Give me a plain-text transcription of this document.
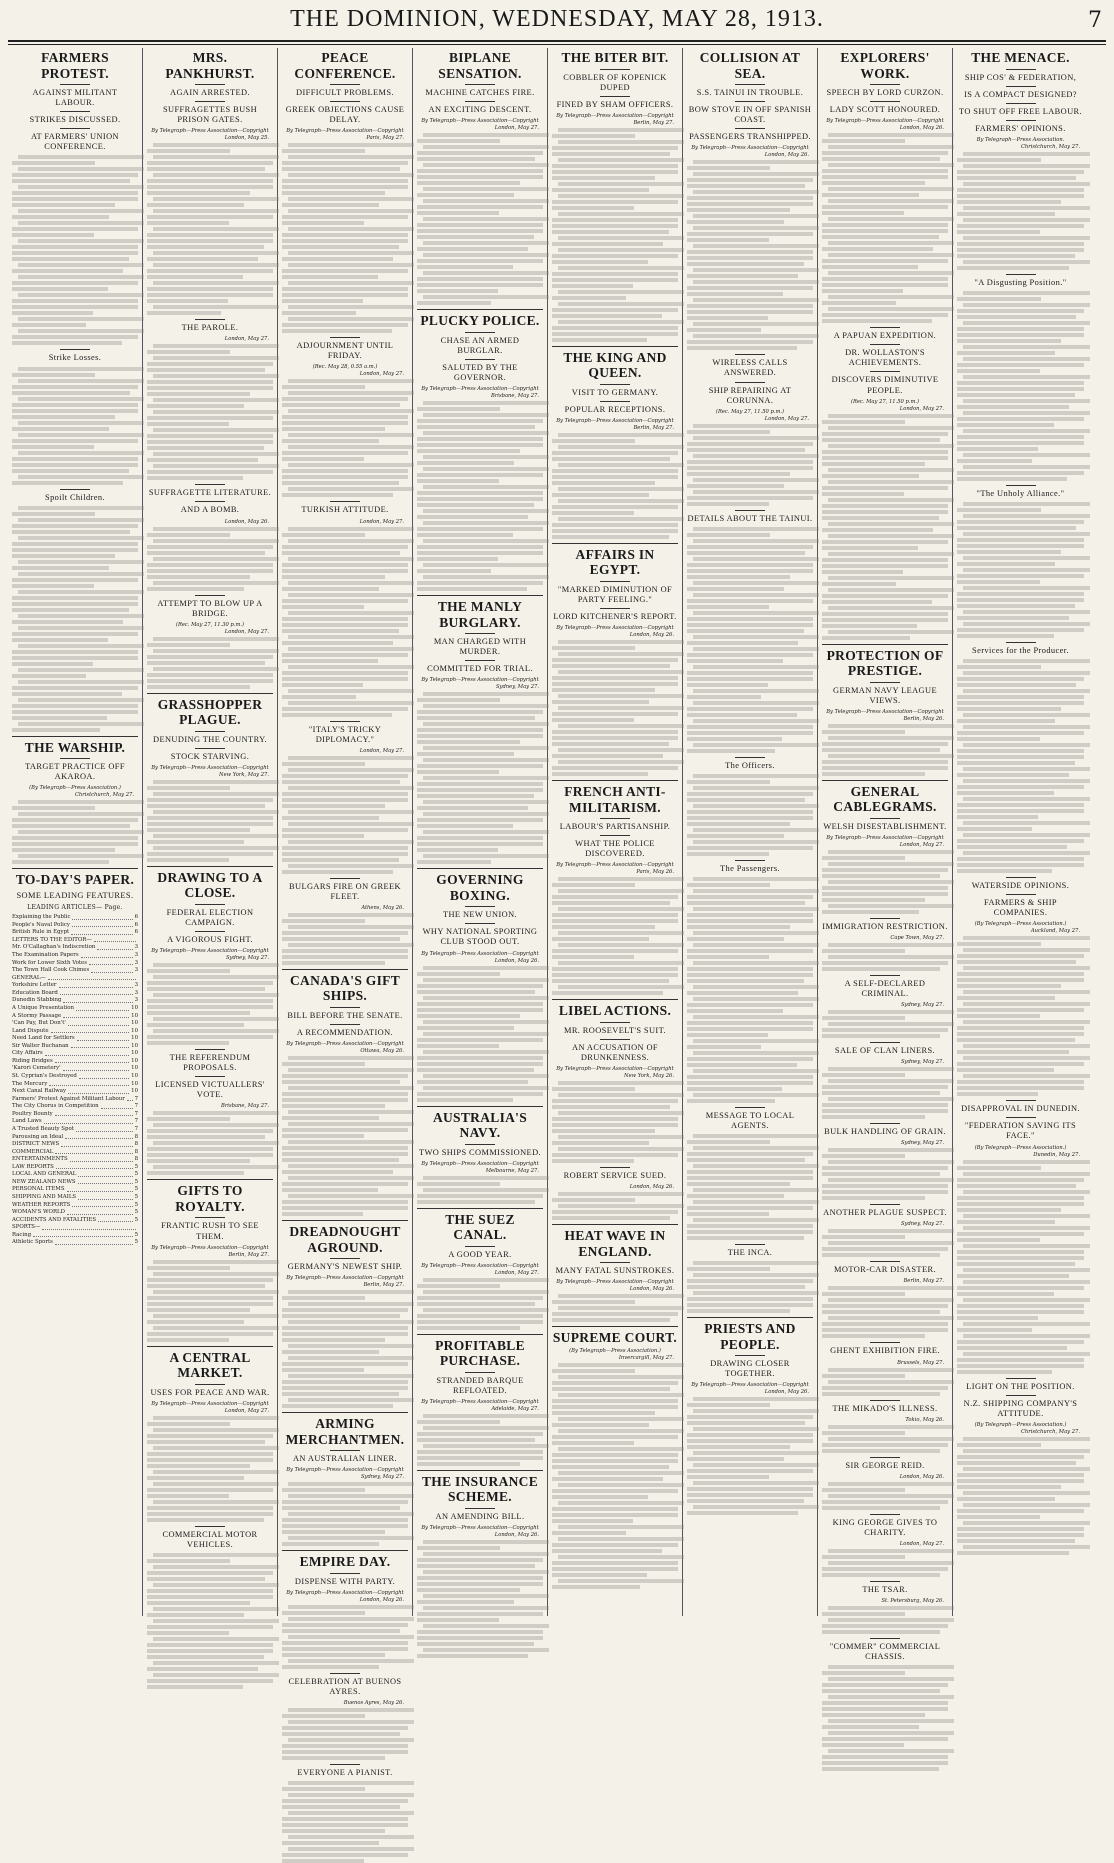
THE DOMINION, WEDNESDAY, MAY 28, 1913.	7
FARMERS PROTEST.
AGAINST MILITANT LABOUR.
STRIKES DISCUSSED.
AT FARMERS' UNION CONFERENCE.
Strike Losses.
Spoilt Children.
THE WARSHIP.
TARGET PRACTICE OFF AKAROA.
(By Telegraph—Press Association.)
Christchurch, May 27.
TO-DAY'S PAPER.
SOME LEADING FEATURES.
LEADING ARTICLES— Page.
Explaining the Public	6
People's Naval Policy	6
British Rule in Egypt	6
LETTERS TO THE EDITOR—
Mr. O'Callaghan's Indiscretion	3
The Examination Papers	3
Work for Lower Sixth Votes	3
The Town Hall Cook Chimes	3
GENERAL—
Yorkshire Letter	3
Education Board	3
Dunedin Stabbing	3
A Unique Presentation	10
A Stormy Passage	10
'Can Pay, But Don't'	10
Land Dispute	10
Need Land for Settlers	10
Sir Walter Buchanan	10
City Affairs	10
Riding Bridges	10
'Karori Cemetery'	10
St. Cyprian's Destroyed	10
The Mercury	10
Next Canal Railway	10
Farmers' Protest Against Militant Labour 7
The City Chorus in Competition	7
Poultry Bounty	7
Land Laws	7
A Trusted Beauty Spot	7
Parousing an Ideal	8
DISTRICT NEWS	8
COMMERCIAL	8
ENTERTAINMENTS	8
LAW REPORTS	5
LOCAL AND GENERAL	5
NEW ZEALAND NEWS	5
PERSONAL ITEMS	5
SHIPPING AND MAILS	5
WEATHER REPORTS	5
WOMAN'S WORLD	5
ACCIDENTS AND FATALITIES	5
SPORTS—
Racing	5
Athletic Sports	5
MRS. PANKHURST.
AGAIN ARRESTED.
SUFFRAGETTES BUSH PRISON GATES.
By Telegraph—Press Association—Copyright
London, May 25.
THE PAROLE.
London, May 27.
SUFFRAGETTE LITERATURE.
AND A BOMB.
London, May 26.
ATTEMPT TO BLOW UP A BRIDGE.
(Rec. May 27, 11.30 p.m.)
London, May 27.
GRASSHOPPER PLAGUE.
DENUDING THE COUNTRY.
STOCK STARVING.
By Telegraph—Press Association—Copyright
New York, May 27.
DRAWING TO A CLOSE.
FEDERAL ELECTION CAMPAIGN.
A VIGOROUS FIGHT.
By Telegraph—Press Association—Copyright
Sydney, May 27.
THE REFERENDUM PROPOSALS.
LICENSED VICTUALLERS' VOTE.
Brisbane, May 27.
GIFTS TO ROYALTY.
FRANTIC RUSH TO SEE THEM.
By Telegraph—Press Association—Copyright
Berlin, May 27.
A CENTRAL MARKET.
USES FOR PEACE AND WAR.
By Telegraph—Press Association—Copyright
London, May 27.
COMMERCIAL MOTOR VEHICLES.
PEACE CONFERENCE.
DIFFICULT PROBLEMS.
GREEK OBJECTIONS CAUSE DELAY.
By Telegraph—Press Association—Copyright
Paris, May 27.
ADJOURNMENT UNTIL FRIDAY.
(Rec. May 28, 0.55 a.m.)
London, May 27.
TURKISH ATTITUDE.
London, May 27.
"ITALY'S TRICKY DIPLOMACY."
London, May 27.
BULGARS FIRE ON GREEK FLEET.
Athens, May 26.
CANADA'S GIFT SHIPS.
BILL BEFORE THE SENATE.
A RECOMMENDATION.
By Telegraph—Press Association—Copyright
Ottawa, May 26.
DREADNOUGHT AGROUND.
GERMANY'S NEWEST SHIP.
By Telegraph—Press Association—Copyright
Berlin, May 27.
ARMING MERCHANTMEN.
AN AUSTRALIAN LINER.
By Telegraph—Press Association—Copyright
Sydney, May 27.
EMPIRE DAY.
DISPENSE WITH PARTY.
By Telegraph—Press Association—Copyright
London, May 26.
CELEBRATION AT BUENOS AYRES.
Buenos Ayres, May 26.
EVERYONE A PIANIST.
BIPLANE SENSATION.
MACHINE CATCHES FIRE.
AN EXCITING DESCENT.
By Telegraph—Press Association—Copyright
London, May 27.
PLUCKY POLICE.
CHASE AN ARMED BURGLAR.
SALUTED BY THE GOVERNOR.
By Telegraph—Press Association—Copyright
Brisbane, May 27.
THE MANLY BURGLARY.
MAN CHARGED WITH MURDER.
COMMITTED FOR TRIAL.
By Telegraph—Press Association—Copyright
Sydney, May 27.
GOVERNING BOXING.
THE NEW UNION.
WHY NATIONAL SPORTING CLUB STOOD OUT.
By Telegraph—Press Association—Copyright
London, May 26.
AUSTRALIA'S NAVY.
TWO SHIPS COMMISSIONED.
By Telegraph—Press Association—Copyright
Melbourne, May 27.
THE SUEZ CANAL.
A GOOD YEAR.
By Telegraph—Press Association—Copyright
London, May 27.
PROFITABLE PURCHASE.
STRANDED BARQUE REFLOATED.
By Telegraph—Press Association—Copyright
Adelaide, May 27.
THE INSURANCE SCHEME.
AN AMENDING BILL.
By Telegraph—Press Association—Copyright
London, May 26.
THE BITER BIT.
COBBLER OF KOPENICK DUPED
FINED BY SHAM OFFICERS.
By Telegraph—Press Association—Copyright
Berlin, May 27.
THE KING AND QUEEN.
VISIT TO GERMANY.
POPULAR RECEPTIONS.
By Telegraph—Press Association—Copyright
Berlin, May 27.
AFFAIRS IN EGYPT.
"MARKED DIMINUTION OF PARTY FEELING."
LORD KITCHENER'S REPORT.
By Telegraph—Press Association—Copyright
London, May 26.
FRENCH ANTI-MILITARISM.
LABOUR'S PARTISANSHIP.
WHAT THE POLICE DISCOVERED.
By Telegraph—Press Association—Copyright
Paris, May 26.
LIBEL ACTIONS.
MR. ROOSEVELT'S SUIT.
AN ACCUSATION OF DRUNKENNESS.
By Telegraph—Press Association—Copyright
New York, May 26.
ROBERT SERVICE SUED.
London, May 26.
HEAT WAVE IN ENGLAND.
MANY FATAL SUNSTROKES.
By Telegraph—Press Association—Copyright
London, May 26.
SUPREME COURT.
(By Telegraph—Press Association.)
Invercargill, May 27.
COLLISION AT SEA.
S.S. TAINUI IN TROUBLE.
BOW STOVE IN OFF SPANISH COAST.
PASSENGERS TRANSHIPPED.
By Telegraph—Press Association—Copyright
London, May 26.
WIRELESS CALLS ANSWERED.
SHIP REPAIRING AT CORUNNA.
(Rec. May 27, 11.50 p.m.)
London, May 27.
DETAILS ABOUT THE TAINUI.
The Officers.
The Passengers.
MESSAGE TO LOCAL AGENTS.
THE INCA.
PRIESTS AND PEOPLE.
DRAWING CLOSER TOGETHER.
By Telegraph—Press Association—Copyright
London, May 26.
EXPLORERS' WORK.
SPEECH BY LORD CURZON.
LADY SCOTT HONOURED.
By Telegraph—Press Association—Copyright
London, May 26.
A PAPUAN EXPEDITION.
DR. WOLLASTON'S ACHIEVEMENTS.
DISCOVERS DIMINUTIVE PEOPLE.
(Rec. May 27, 11.50 p.m.)
London, May 27.
PROTECTION OF PRESTIGE.
GERMAN NAVY LEAGUE VIEWS.
By Telegraph—Press Association—Copyright
Berlin, May 26.
GENERAL CABLEGRAMS.
WELSH DISESTABLISHMENT.
By Telegraph—Press Association—Copyright
London, May 27.
IMMIGRATION RESTRICTION.
Cape Town, May 27.
A SELF-DECLARED CRIMINAL.
Sydney, May 27.
SALE OF CLAN LINERS.
Sydney, May 27.
BULK HANDLING OF GRAIN.
Sydney, May 27.
ANOTHER PLAGUE SUSPECT.
Sydney, May 27.
MOTOR-CAR DISASTER.
Berlin, May 27.
GHENT EXHIBITION FIRE.
Brussels, May 27.
THE MIKADO'S ILLNESS.
Tokio, May 26.
SIR GEORGE REID.
London, May 26.
KING GEORGE GIVES TO CHARITY.
London, May 27.
THE TSAR.
St. Petersburg, May 26.
"COMMER" COMMERCIAL CHASSIS.
THE MENACE.
SHIP COS' & FEDERATION,
IS A COMPACT DESIGNED?
TO SHUT OFF FREE LABOUR.
FARMERS' OPINIONS.
By Telegraph—Press Association.
Christchurch, May 27.
"A Disgusting Position."
"The Unholy Alliance."
Services for the Producer.
WATERSIDE OPINIONS.
FARMERS & SHIP COMPANIES.
(By Telegraph—Press Association.)
Auckland, May 27.
DISAPPROVAL IN DUNEDIN.
"FEDERATION SAVING ITS FACE."
(By Telegraph—Press Association.)
Dunedin, May 27.
LIGHT ON THE POSITION.
N.Z. SHIPPING COMPANY'S ATTITUDE.
(By Telegraph—Press Association.)
Christchurch, May 27.
